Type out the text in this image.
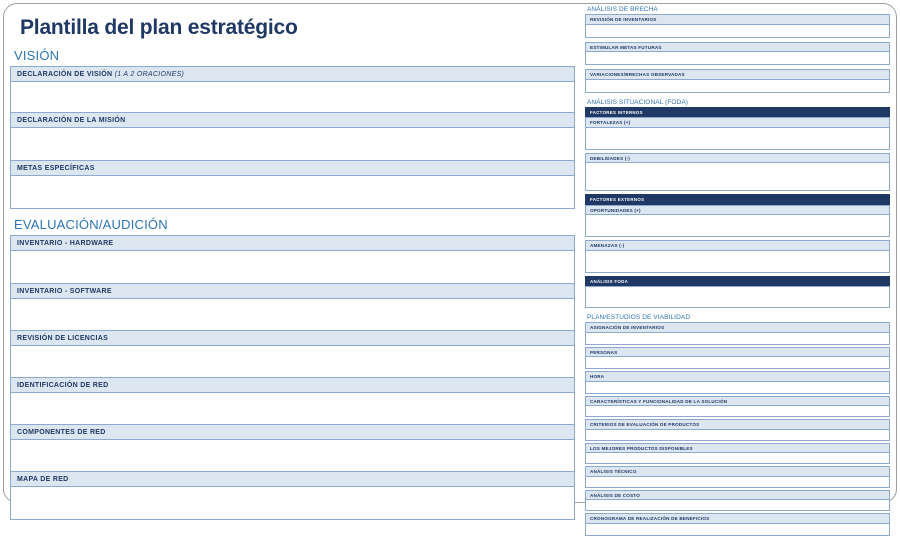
Plantilla del plan estratégico
VISIÓN
DECLARACIÓN DE VISIÓN (1 A 2 ORACIONES)
DECLARACIÓN DE LA MISIÓN
METAS ESPECÍFICAS
EVALUACIÓN/AUDICIÓN
INVENTARIO - HARDWARE
INVENTARIO - SOFTWARE
REVISIÓN DE LICENCIAS
IDENTIFICACIÓN DE RED
COMPONENTES DE RED
MAPA DE RED
ANÁLISIS DE BRECHA
REVISIÓN DE INVENTARIOS
ESTIMULAR METAS FUTURAS
VARIACIONES/BRECHAS OBSERVADAS
ANÁLISIS SITUACIONAL (FODA)
FACTORES INTERNOS
FORTALEZAS (+)
DEBILIDADES (-)
FACTORES EXTERNOS
OPORTUNIDADES (+)
AMENAZAS (-)
ANÁLISIS FODA
PLAN/ESTUDIOS DE VIABILIDAD
ASIGNACIÓN DE INVENTARIOS
PERSONAS
HORA
CARACTERÍSTICAS Y FUNCIONALIDAD DE LA SOLUCIÓN
CRITERIOS DE EVALUACIÓN DE PRODUCTOS
LOS MEJORES PRODUCTOS DISPONIBLES
ANÁLISIS TÉCNICO
ANÁLISIS DE COSTO
CRONOGRAMA DE REALIZACIÓN DE BENEFICIOS
